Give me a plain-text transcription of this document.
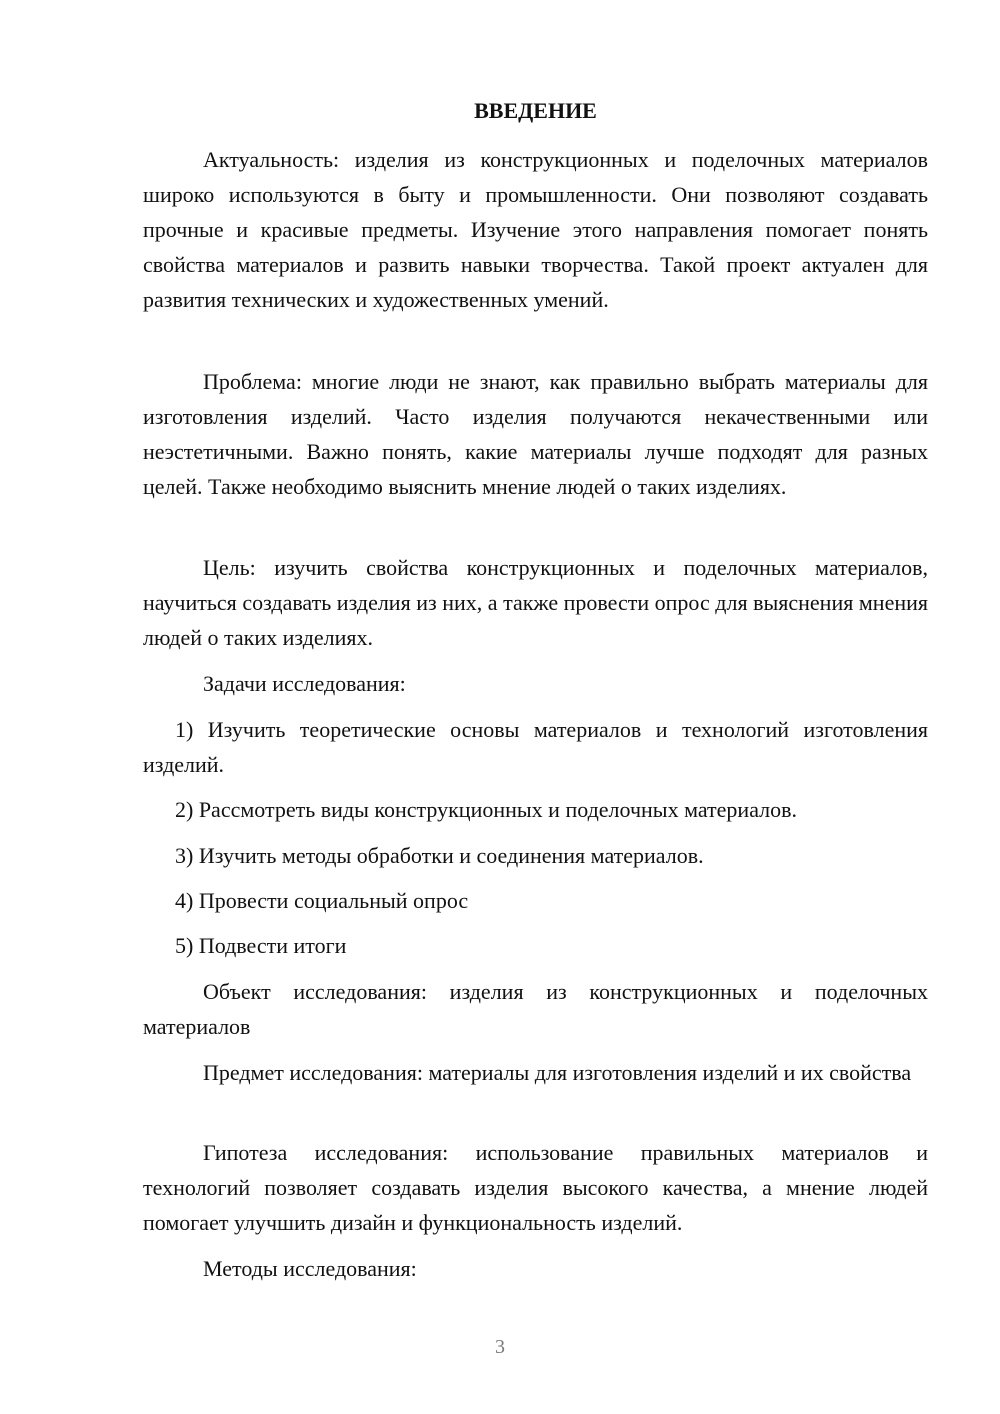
ВВЕДЕНИЕ
Актуальность: изделия из конструкционных и поделочных материалов широко используются в быту и промышленности. Они позволяют создавать прочные и красивые предметы. Изучение этого направления помогает понять свойства материалов и развить навыки творчества. Такой проект актуален для развития технических и художественных умений.
Проблема: многие люди не знают, как правильно выбрать материалы для изготовления изделий. Часто изделия получаются некачественными или неэстетичными. Важно понять, какие материалы лучше подходят для разных целей. Также необходимо выяснить мнение людей о таких изделиях.
Цель: изучить свойства конструкционных и поделочных материалов, научиться создавать изделия из них, а также провести опрос для выяснения мнения людей о таких изделиях.
Задачи исследования:
1) Изучить теоретические основы материалов и технологий изготовления изделий.
2) Рассмотреть виды конструкционных и поделочных материалов.
3) Изучить методы обработки и соединения материалов.
4) Провести социальный опрос
5) Подвести итоги
Объект исследования: изделия из конструкционных и поделочных материалов
Предмет исследования: материалы для изготовления изделий и их свойства
Гипотеза исследования: использование правильных материалов и технологий позволяет создавать изделия высокого качества, а мнение людей помогает улучшить дизайн и функциональность изделий.
Методы исследования:
3
